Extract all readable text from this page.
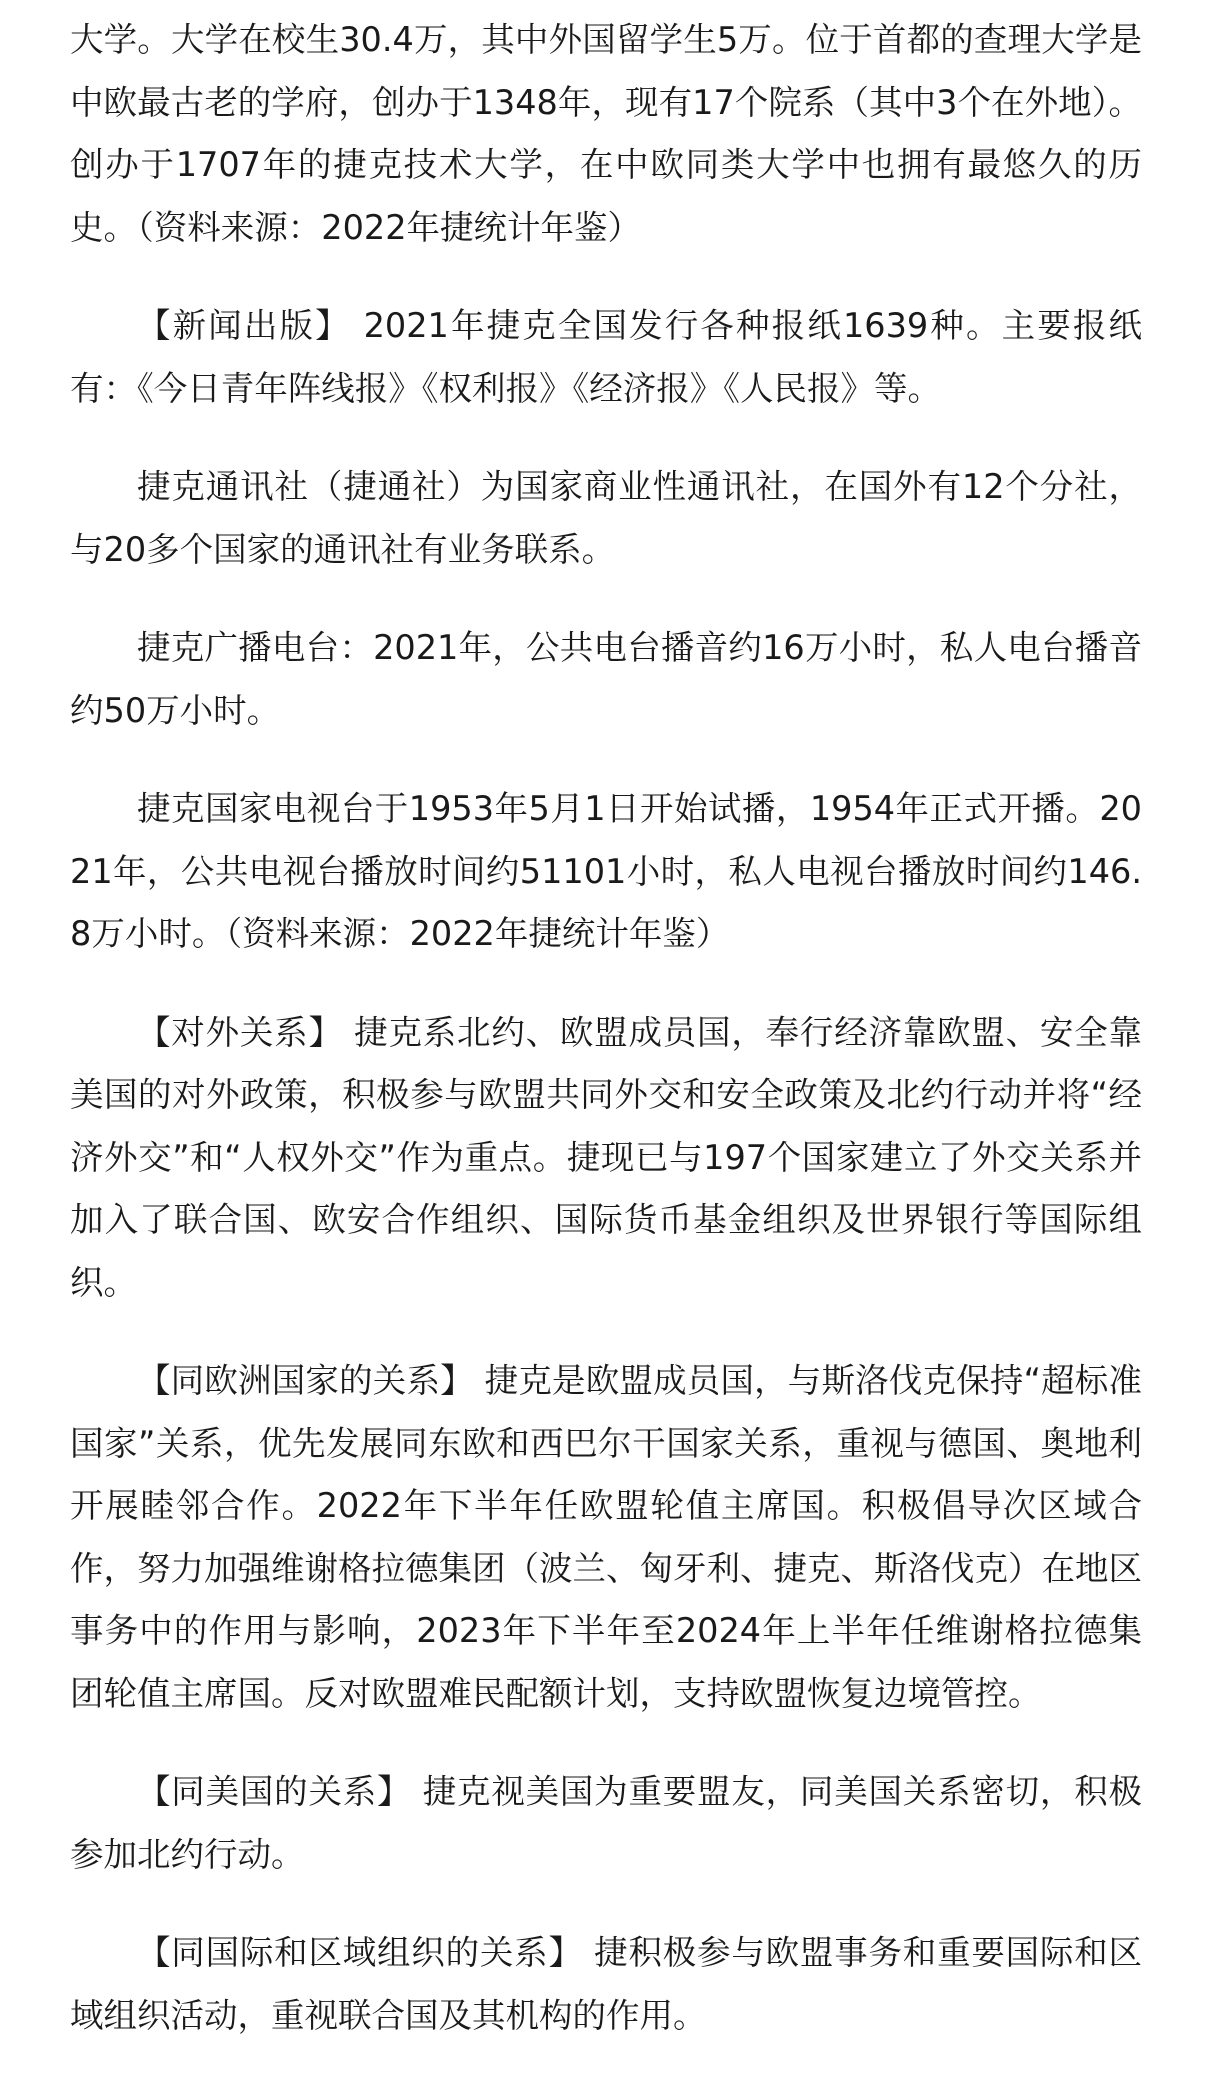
大学。大学在校生30.4万，其中外国留学生5万。位于首都的查理大学是中欧最古老的学府，创办于1348年，现有17个院系（其中3个在外地）。创办于1707年的捷克技术大学，在中欧同类大学中也拥有最悠久的历史。（资料来源：2022年捷统计年鉴）

【新闻出版】 2021年捷克全国发行各种报纸1639种。主要报纸有：《今日青年阵线报》《权利报》《经济报》《人民报》等。

捷克通讯社（捷通社）为国家商业性通讯社，在国外有12个分社，与20多个国家的通讯社有业务联系。

捷克广播电台：2021年，公共电台播音约16万小时，私人电台播音约50万小时。

捷克国家电视台于1953年5月1日开始试播，1954年正式开播。2021年，公共电视台播放时间约51101小时，私人电视台播放时间约146.8万小时。（资料来源：2022年捷统计年鉴）

【对外关系】 捷克系北约、欧盟成员国，奉行经济靠欧盟、安全靠美国的对外政策，积极参与欧盟共同外交和安全政策及北约行动并将“经济外交”和“人权外交”作为重点。捷现已与197个国家建立了外交关系并加入了联合国、欧安合作组织、国际货币基金组织及世界银行等国际组织。

【同欧洲国家的关系】 捷克是欧盟成员国，与斯洛伐克保持“超标准国家”关系，优先发展同东欧和西巴尔干国家关系，重视与德国、奥地利开展睦邻合作。2022年下半年任欧盟轮值主席国。积极倡导次区域合作，努力加强维谢格拉德集团（波兰、匈牙利、捷克、斯洛伐克）在地区事务中的作用与影响，2023年下半年至2024年上半年任维谢格拉德集团轮值主席国。反对欧盟难民配额计划，支持欧盟恢复边境管控。

【同美国的关系】 捷克视美国为重要盟友，同美国关系密切，积极参加北约行动。

【同国际和区域组织的关系】 捷积极参与欧盟事务和重要国际和区域组织活动，重视联合国及其机构的作用。
